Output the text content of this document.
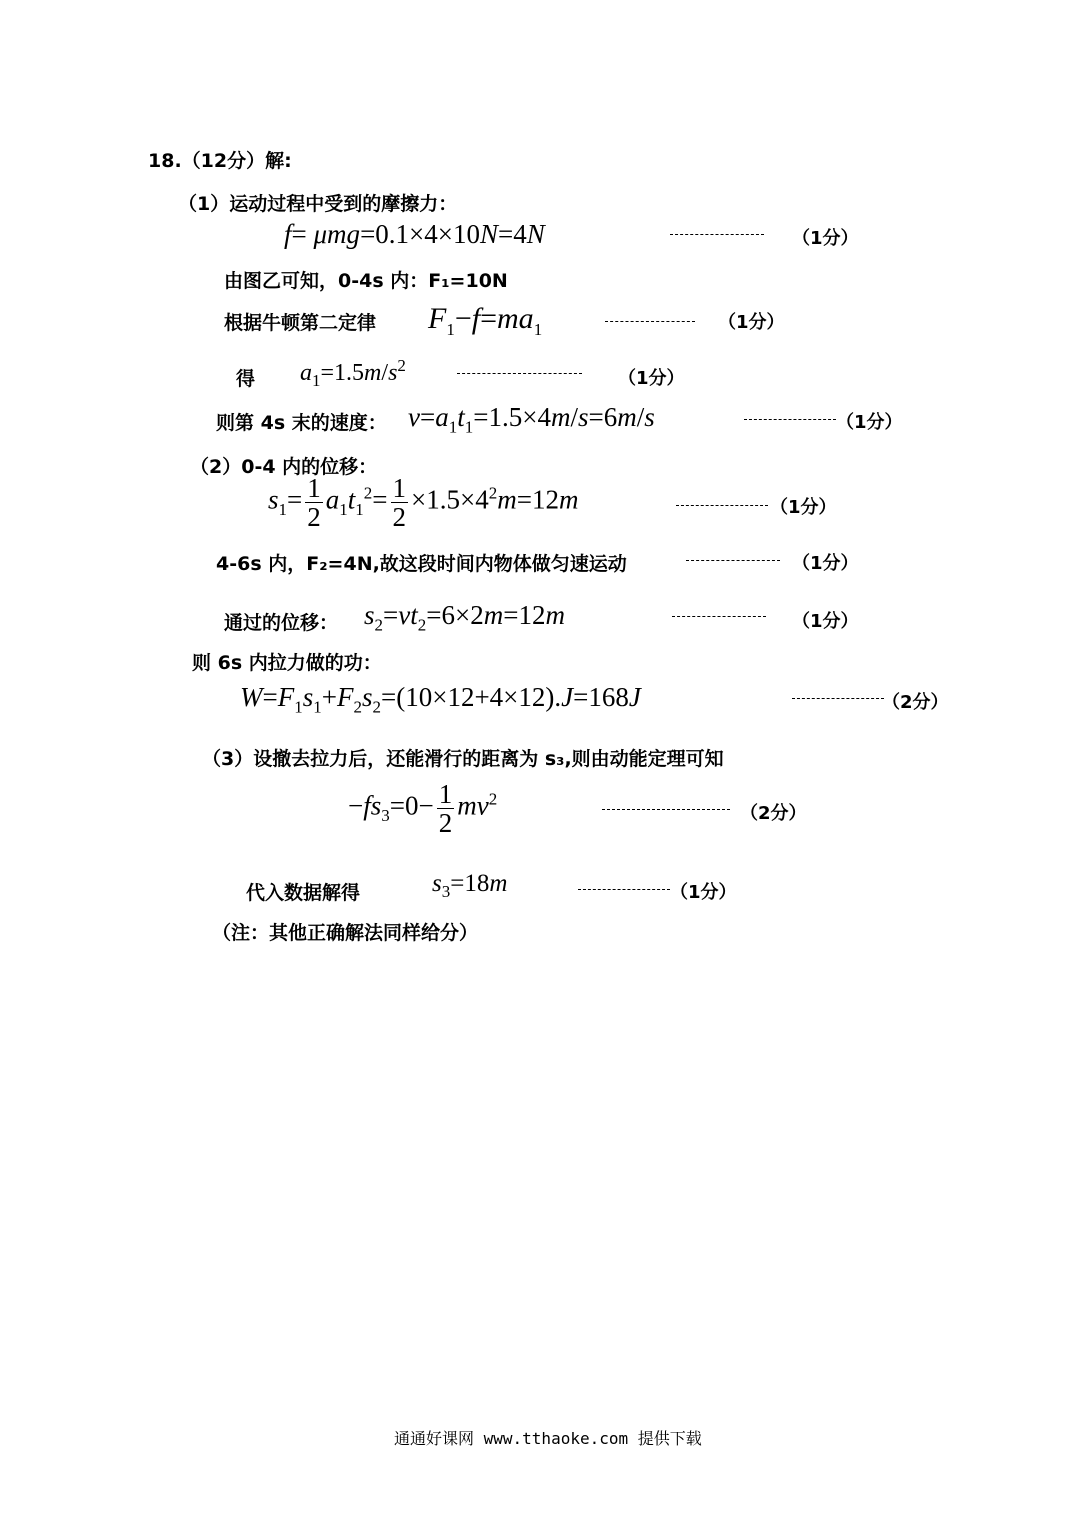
18.（12分）解:
（1）运动过程中受到的摩擦力：
f= μmg=0.1×4×10N=4N	（1分）
由图乙可知，0-4s 内：F₁=10N
根据牛顿第二定律 $F_1-f=ma_1$	（1分）
得 $a_1=1.5m/s^2$
（1分）
则第 4s 末的速度： $v=a_1t_1=1.5\times 4m/s=6m/s$	（1分）
（2）0-4 内的位移：
$s_1= \frac{1}{2} a_1t_1^2= \frac{1}{2} \times 1.5\times 4^2m=12m$	（1分）
4-6s 内，F₂=4N,故这段时间内物体做匀速运动	（1分）
通过的位移： $s_2=vt_2=6\times 2m=12m$	（1分）
则 6s 内拉力做的功：
$W=F_1s_1+F_2s_2=(10\times 12+4\times 12).J=168J$	（2分）
（3）设撤去拉力后，还能滑行的距离为 s₃,则由动能定理可知
$-fs_3=0- \frac{1}{2} mv^2$
（2分）
代入数据解得	$s_3=18m$	（1分）
（注：其他正确解法同样给分）
通通好课网 www.tthaoke.com 提供下载
